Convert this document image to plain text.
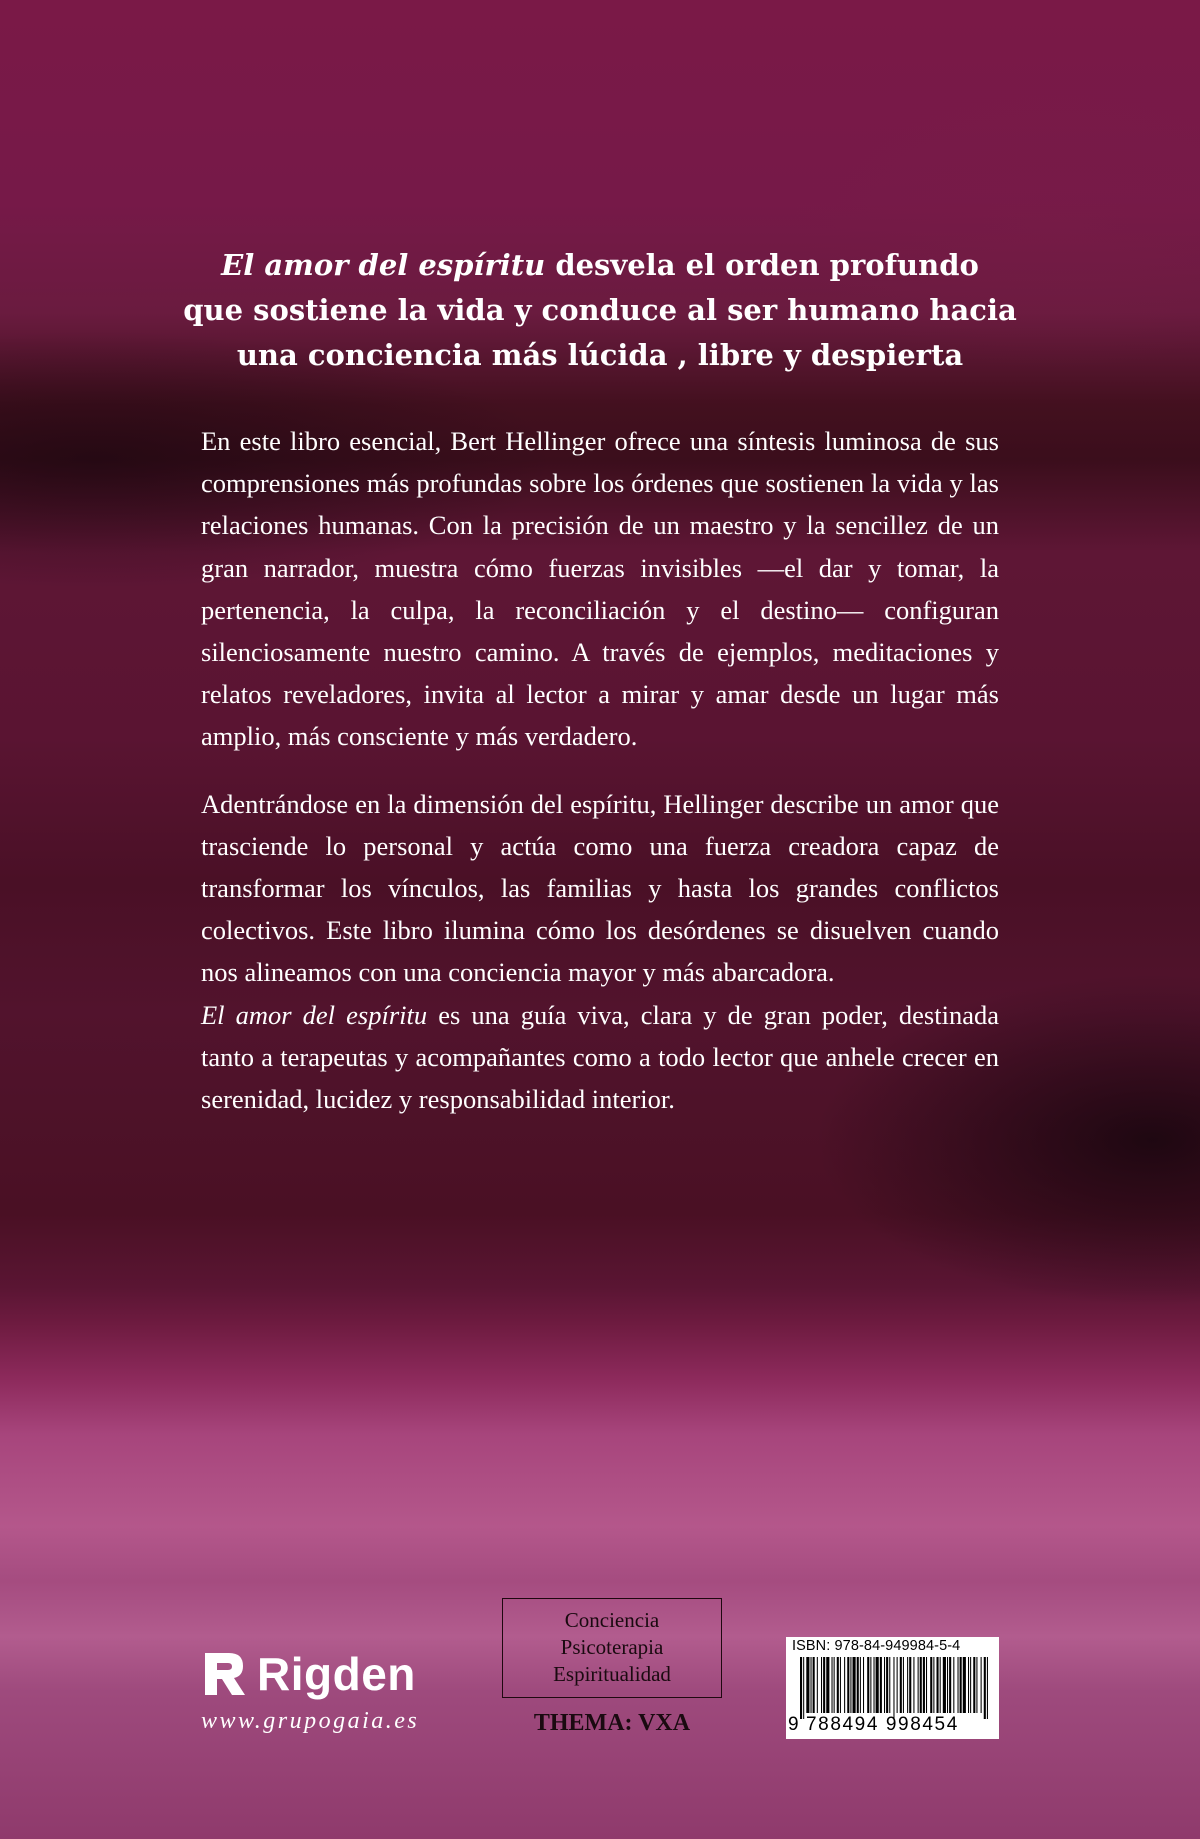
El amor del espíritu desvela el orden profundo
que sostiene la vida y conduce al ser humano hacia
una conciencia más lúcida , libre y despierta

En este libro esencial, Bert Hellinger ofrece una síntesis luminosa de sus comprensiones más profundas sobre los órdenes que sostienen la vida y las relaciones humanas. Con la precisión de un maestro y la sencillez de un gran narrador, muestra cómo fuerzas invisibles —el dar y tomar, la pertenencia, la culpa, la reconciliación y el destino— configuran silenciosamente nuestro camino. A través de ejemplos, meditaciones y relatos reveladores, invita al lector a mirar y amar desde un lugar más amplio, más consciente y más verdadero.

Adentrándose en la dimensión del espíritu, Hellinger describe un amor que trasciende lo personal y actúa como una fuerza creadora capaz de transformar los vínculos, las familias y hasta los grandes conflictos colectivos. Este libro ilumina cómo los desórdenes se disuelven cuando nos alineamos con una conciencia mayor y más abarcadora.
El amor del espíritu es una guía viva, clara y de gran poder, destinada tanto a terapeutas y acompañantes como a todo lector que anhele crecer en serenidad, lucidez y responsabilidad interior.

Rigden
www.grupogaia.es
Conciencia
Psicoterapia
Espiritualidad
THEMA: VXA
ISBN: 978-84-949984-5-4
9 788494 998454
